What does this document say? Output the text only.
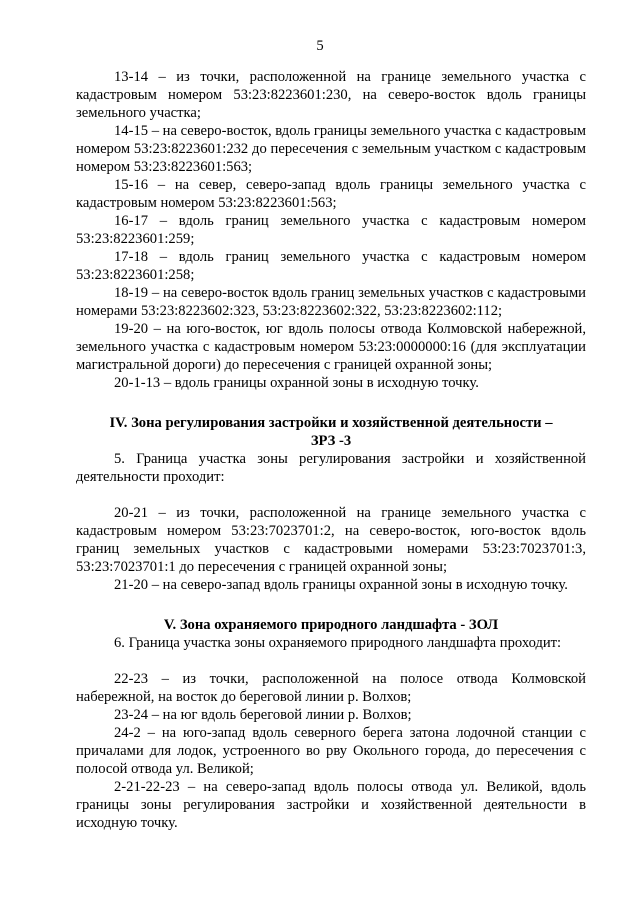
5

13-14 – из точки, расположенной на границе земельного участка с кадастровым номером 53:23:8223601:230, на северо-восток вдоль границы земельного участка;

14-15 – на северо-восток, вдоль границы земельного участка с кадастровым номером 53:23:8223601:232 до пересечения с земельным участком с кадастровым номером 53:23:8223601:563;

15-16 – на север, северо-запад вдоль границы земельного участка с кадастровым номером 53:23:8223601:563;

16-17 – вдоль границ земельного участка с кадастровым номером 53:23:8223601:259;

17-18 – вдоль границ земельного участка с кадастровым номером 53:23:8223601:258;

18-19 – на северо-восток вдоль границ земельных участков с кадастровыми номерами 53:23:8223602:323, 53:23:8223602:322, 53:23:8223602:112;

19-20 – на юго-восток, юг вдоль полосы отвода Колмовской набережной, земельного участка с кадастровым номером 53:23:0000000:16 (для эксплуатации магистральной дороги) до пересечения с границей охранной зоны;

20-1-13 – вдоль границы охранной зоны в исходную точку.

IV. Зона регулирования застройки и хозяйственной деятельности –
ЗРЗ -3

5. Граница участка зоны регулирования застройки и хозяйственной деятельности проходит:

20-21 – из точки, расположенной на границе земельного участка с кадастровым номером 53:23:7023701:2, на северо-восток, юго-восток вдоль границ земельных участков с кадастровыми номерами 53:23:7023701:3, 53:23:7023701:1 до пересечения с границей охранной зоны;

21-20 – на северо-запад вдоль границы охранной зоны в исходную точку.

V. Зона охраняемого природного ландшафта - ЗОЛ

6. Граница участка зоны охраняемого природного ландшафта проходит:

22-23 – из точки, расположенной на полосе отвода Колмовской набережной, на восток до береговой линии р. Волхов;

23-24 – на юг вдоль береговой линии р. Волхов;

24-2 – на юго-запад вдоль северного берега затона лодочной станции с причалами для лодок, устроенного во рву Окольного города, до пересечения с полосой отвода ул. Великой;

2-21-22-23 – на северо-запад вдоль полосы отвода ул. Великой, вдоль границы зоны регулирования застройки и хозяйственной деятельности в исходную точку.
